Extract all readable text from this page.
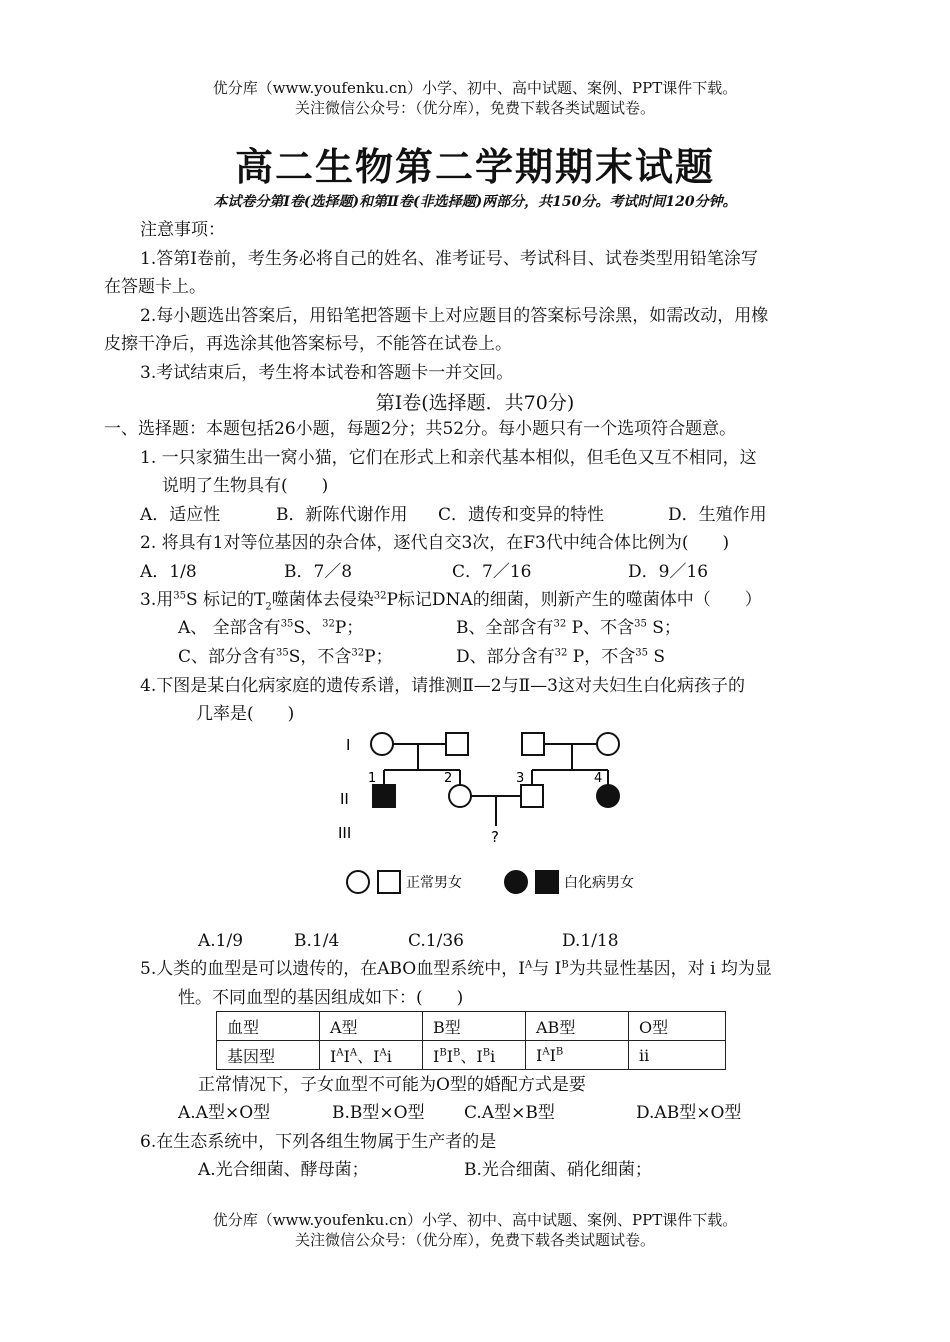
优分库（www.youfenku.cn）小学、初中、高中试题、案例、PPT课件下载。
关注微信公众号：（优分库），免费下载各类试题试卷。
高二生物第二学期期末试题
本试卷分第Ⅰ卷(选择题)和第Ⅱ卷(非选择题)两部分，共150分。考试时间120分钟。
注意事项：
1.答第Ⅰ卷前，考生务必将自己的姓名、准考证号、考试科目、试卷类型用铅笔涂写
在答题卡上。
2.每小题选出答案后，用铅笔把答题卡上对应题目的答案标号涂黑，如需改动，用橡
皮擦干净后，再选涂其他答案标号，不能答在试卷上。
3.考试结束后，考生将本试卷和答题卡一并交回。
第Ⅰ卷(选择题．共70分)
一、选择题：本题包括26小题，每题2分；共52分。每小题只有一个选项符合题意。
1. 一只家猫生出一窝小猫，它们在形式上和亲代基本相似，但毛色又互不相同，这
说明了生物具有(　　)
A．适应性	B．新陈代谢作用 C．遗传和变异的特性	D．生殖作用
2. 将具有1对等位基因的杂合体，逐代自交3次，在F3代中纯合体比例为(　　)
A．1/8	B．7／8	C．7／16	D．9／16
3.用$^{35}$S 标记的$T_2$噬菌体去侵染$^{32}$P标记DNA的细菌，则新产生的噬菌体中（　　）
A、 全部含有$^{35}$S、$^{32}$P；	B、全部含有$^{32}$ P、不含$^{35}$ S；
C、部分含有$^{35}$S，不含$^{32}$P；	D、部分含有$^{32}$ P，不含$^{35}$ S
4.下图是某白化病家庭的遗传系谱，请推测Ⅱ—2与Ⅱ—3这对夫妇生白化病孩子的
几率是(　　)
I
II
III
1	2	3	4
?
正常男女	白化病男女
A.1/9	B.1/4	C.1/36	D.1/18
5.人类的血型是可以遗传的，在ABO血型系统中，$I^A$与 $I^B$为共显性基因，对 i 均为显
性。不同血型的基因组成如下：(　　)
血型	A型	B型	AB型	O型
基因型	$I^AI^A$、$I^Ai$	$I^BI^B$、$I^Bi$	$I^AI^B$	ii
正常情况下，子女血型不可能为O型的婚配方式是要
A.A型×O型	B.B型×O型 C.A型×B型	D.AB型×O型
6.在生态系统中，下列各组生物属于生产者的是
A.光合细菌、酵母菌；	B.光合细菌、硝化细菌；
优分库（www.youfenku.cn）小学、初中、高中试题、案例、PPT课件下载。
关注微信公众号：（优分库），免费下载各类试题试卷。
